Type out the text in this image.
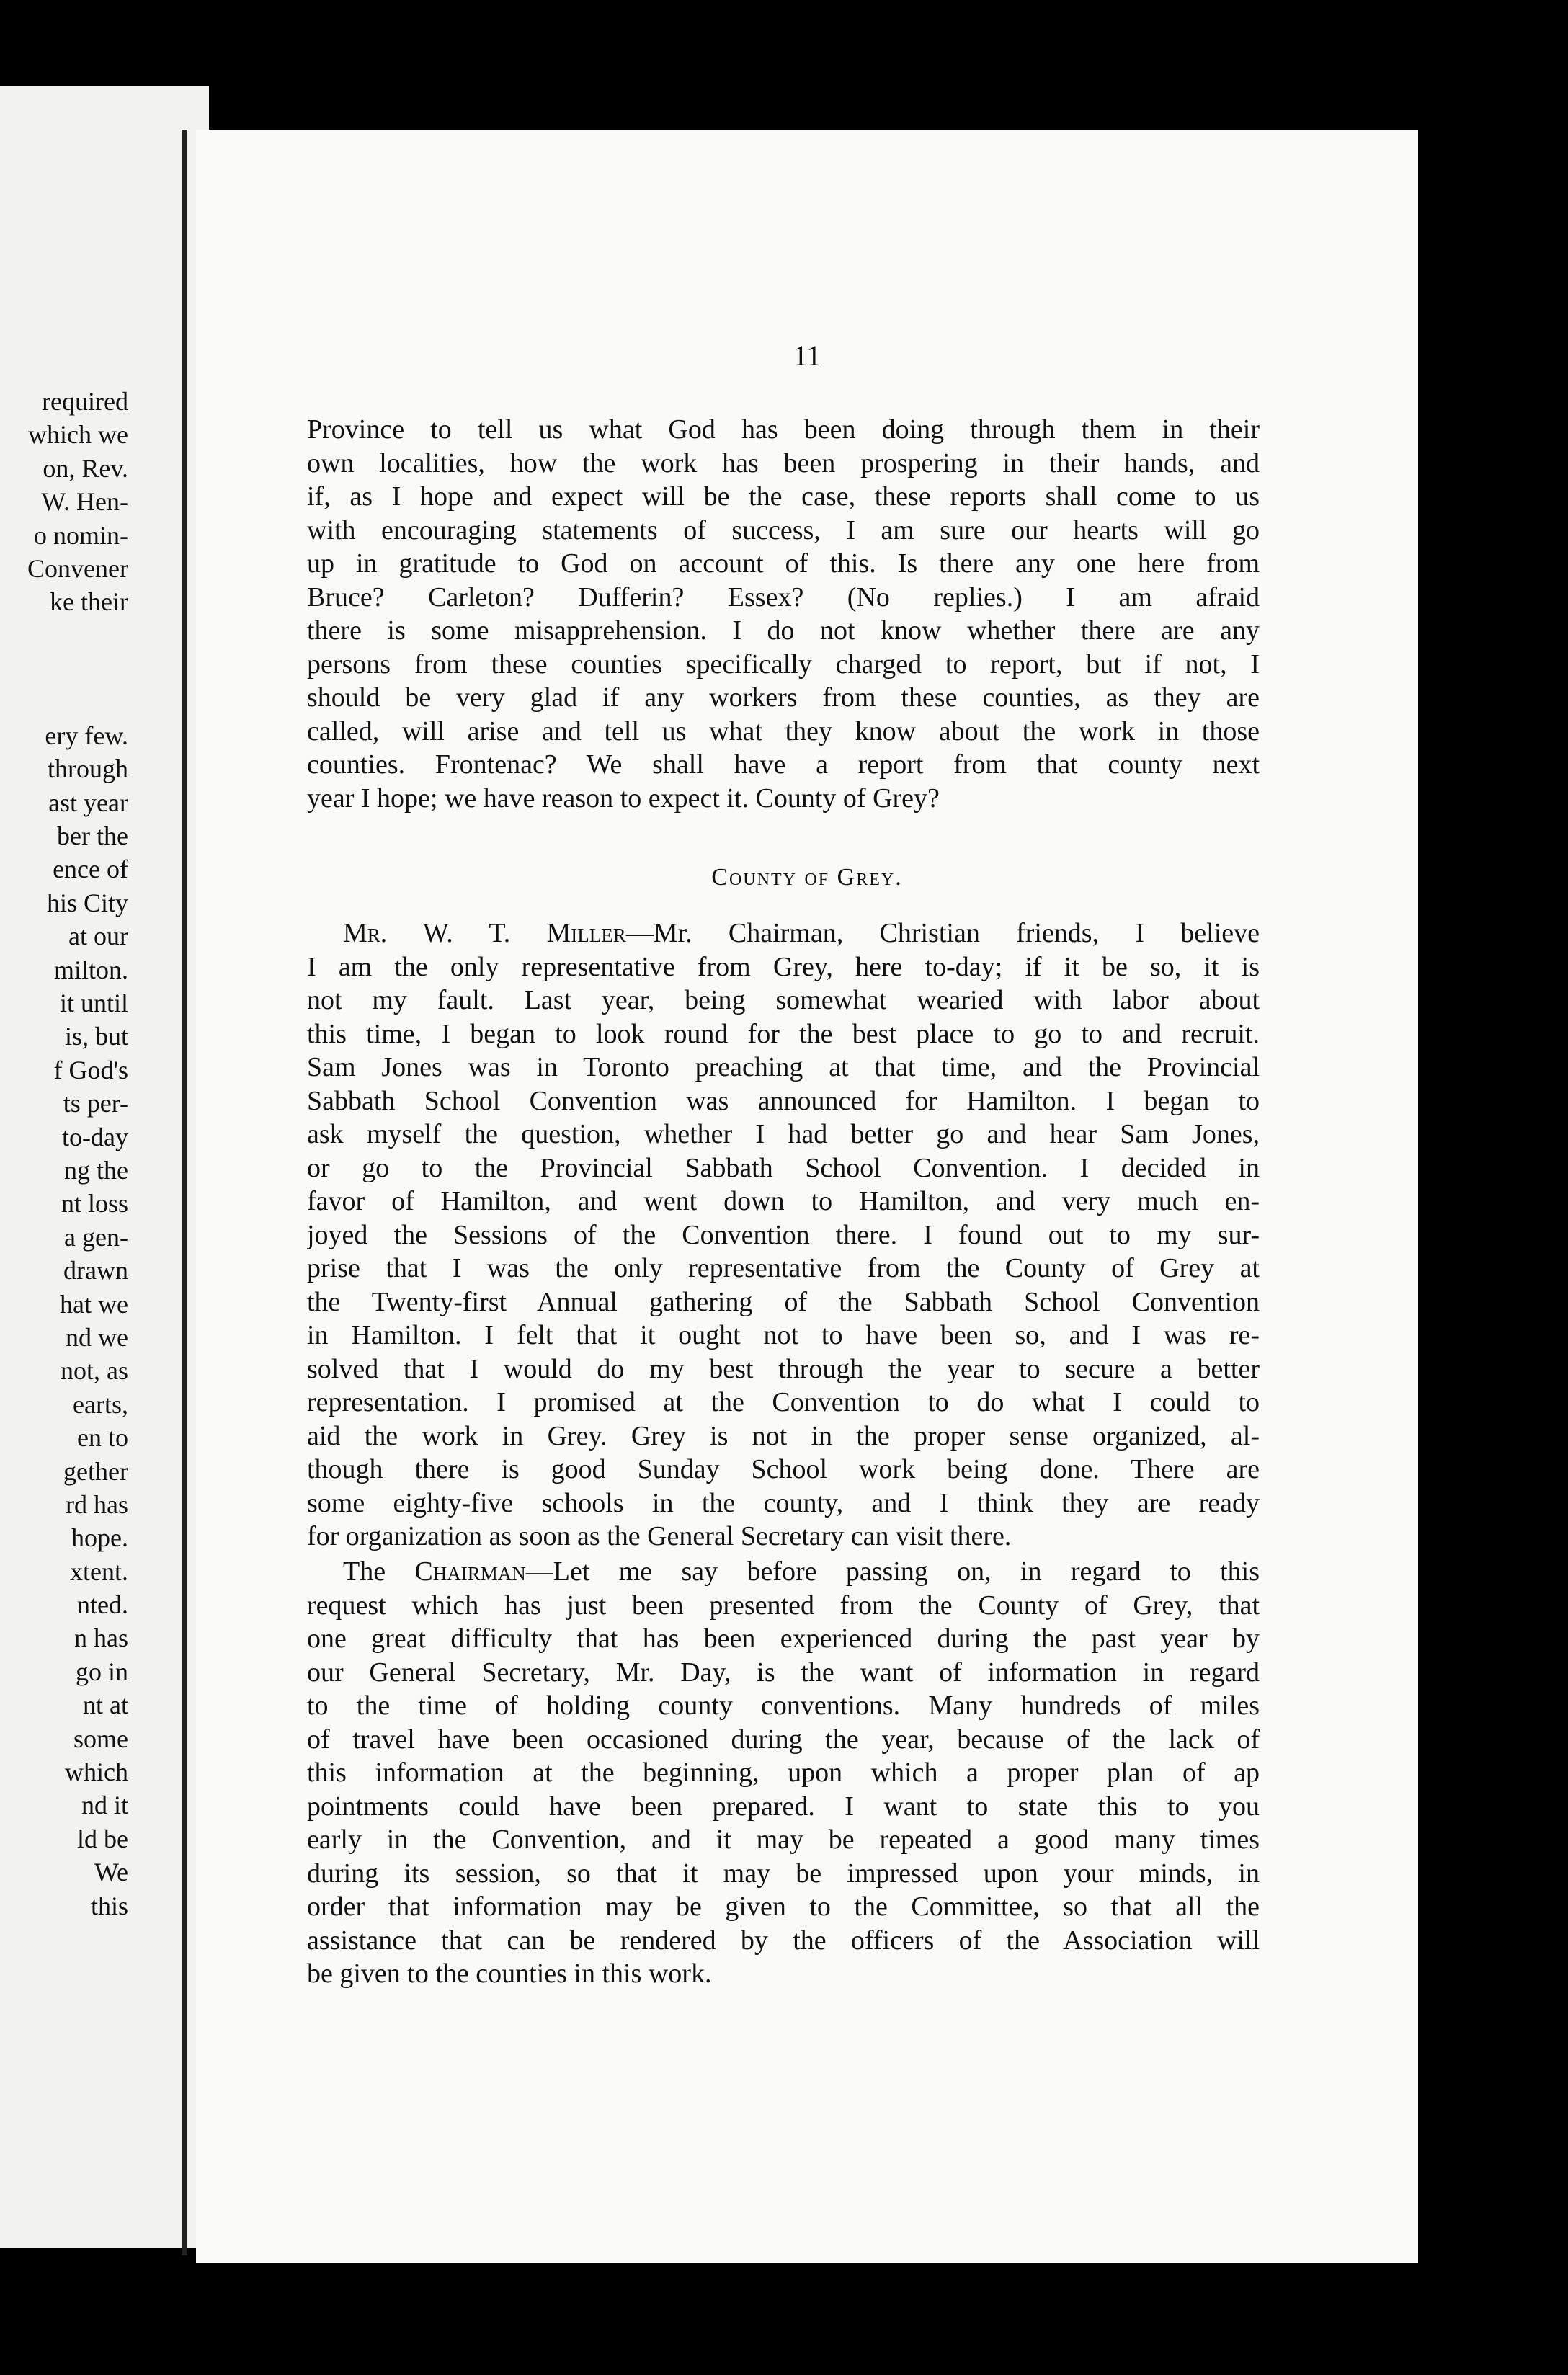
required
which we
on, Rev.
W. Hen-
o nomin-
Convener
ke their
ery few.
through
ast year
ber the
ence of
his City
at our
milton.
it until
is, but
f God's
ts per-
to-day
ng the
nt loss
a gen-
drawn
hat we
nd we
not, as
earts,
en to
gether
rd has
hope.
xtent.
nted.
n has
go in
nt at
some
which
nd it
ld be
We
this
11

Province to tell us what God has been doing through them in their

own localities, how the work has been prospering in their hands, and

if, as I hope and expect will be the case, these reports shall come to us

with encouraging statements of success, I am sure our hearts will go

up in gratitude to God on account of this. Is there any one here from

Bruce? Carleton? Dufferin? Essex? (No replies.) I am afraid

there is some misapprehension. I do not know whether there are any

persons from these counties specifically charged to report, but if not, I

should be very glad if any workers from these counties, as they are

called, will arise and tell us what they know about the work in those

counties. Frontenac? We shall have a report from that county next

year I hope; we have reason to expect it. County of Grey?

County of Grey.

Mr. W. T. Miller—Mr. Chairman, Christian friends, I believe

I am the only representative from Grey, here to-day; if it be so, it is

not my fault. Last year, being somewhat wearied with labor about

this time, I began to look round for the best place to go to and recruit.

Sam Jones was in Toronto preaching at that time, and the Provincial

Sabbath School Convention was announced for Hamilton. I began to

ask myself the question, whether I had better go and hear Sam Jones,

or go to the Provincial Sabbath School Convention. I decided in

favor of Hamilton, and went down to Hamilton, and very much en-

joyed the Sessions of the Convention there. I found out to my sur-

prise that I was the only representative from the County of Grey at

the Twenty-first Annual gathering of the Sabbath School Convention

in Hamilton. I felt that it ought not to have been so, and I was re-

solved that I would do my best through the year to secure a better

representation. I promised at the Convention to do what I could to

aid the work in Grey. Grey is not in the proper sense organized, al-

though there is good Sunday School work being done. There are

some eighty-five schools in the county, and I think they are ready

for organization as soon as the General Secretary can visit there.

The Chairman—Let me say before passing on, in regard to this

request which has just been presented from the County of Grey, that

one great difficulty that has been experienced during the past year by

our General Secretary, Mr. Day, is the want of information in regard

to the time of holding county conventions. Many hundreds of miles

of travel have been occasioned during the year, because of the lack of

this information at the beginning, upon which a proper plan of ap

pointments could have been prepared. I want to state this to you

early in the Convention, and it may be repeated a good many times

during its session, so that it may be impressed upon your minds, in

order that information may be given to the Committee, so that all the

assistance that can be rendered by the officers of the Association will

be given to the counties in this work.
